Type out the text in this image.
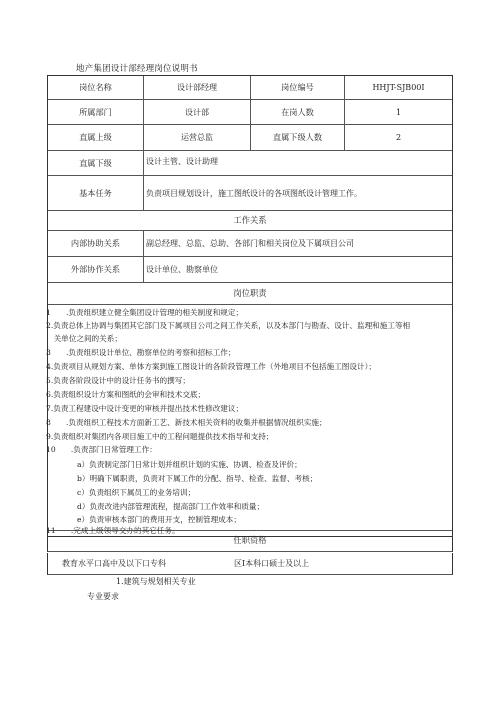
地产集团设计部经理岗位说明书
岗位名称	设计部经理	岗位编号	HHJT-SJB00I
所属部门	设计部	在岗人数	1
直属上级	运营总监	直属下级人数	2
直属下级	设计主管、设计助理
基本任务	负责项目规划设计，施工图纸设计的各项图纸设计管理工作。
工作关系
内部协助关系	副总经理、总监、总助、各部门和相关岗位及下属项目公司
外部协作关系	设计单位、勘察单位
岗位职责
1　　.负责组织建立健全集团设计管理的相关制度和规定；
2.负责总体上协调与集团其它部门及下属项目公司之间工作关系，以及本部门与勘查、设计、监理和施工等相
　关单位之间的关系；
3　　.负责组织设计单位、勘察单位的考察和招标工作；
4.负责项目从规划方案、单体方案到施工图设计的各阶段管理工作（外地项目不包括施工图设计）；
5.负责各阶段设计中的设计任务书的撰写；
6.负责组织设计方案和图纸的会审和技术交底；
7.负责工程建设中设计变更的审核并提出技术性修改建议；
8　　.负责组织工程技术方面新工艺、新技术相关资料的收集并根据情况组织实施；
9.负责组织对集团内各项目施工中的工程问题提供技术指导和支持；
10　　.负责部门日常管理工作：
a）负责制定部门日常计划并组织计划的实施、协调、检查及评价；
b）明确下属职责，负责对下属工作的分配、指导、检查、监督、考核；
c）负责组织下属员工的业务培训；
d）负责改进内部管理流程，提高部门工作效率和质量；
e）负责审核本部门的费用开支，控制管理成本；
11　　.完成上级领导交办的其它任务。
任职资格
教育水平口高中及以下口专科	区Ⅰ本科口硕士及以上
1.建筑与规划相关专业
专业要求
